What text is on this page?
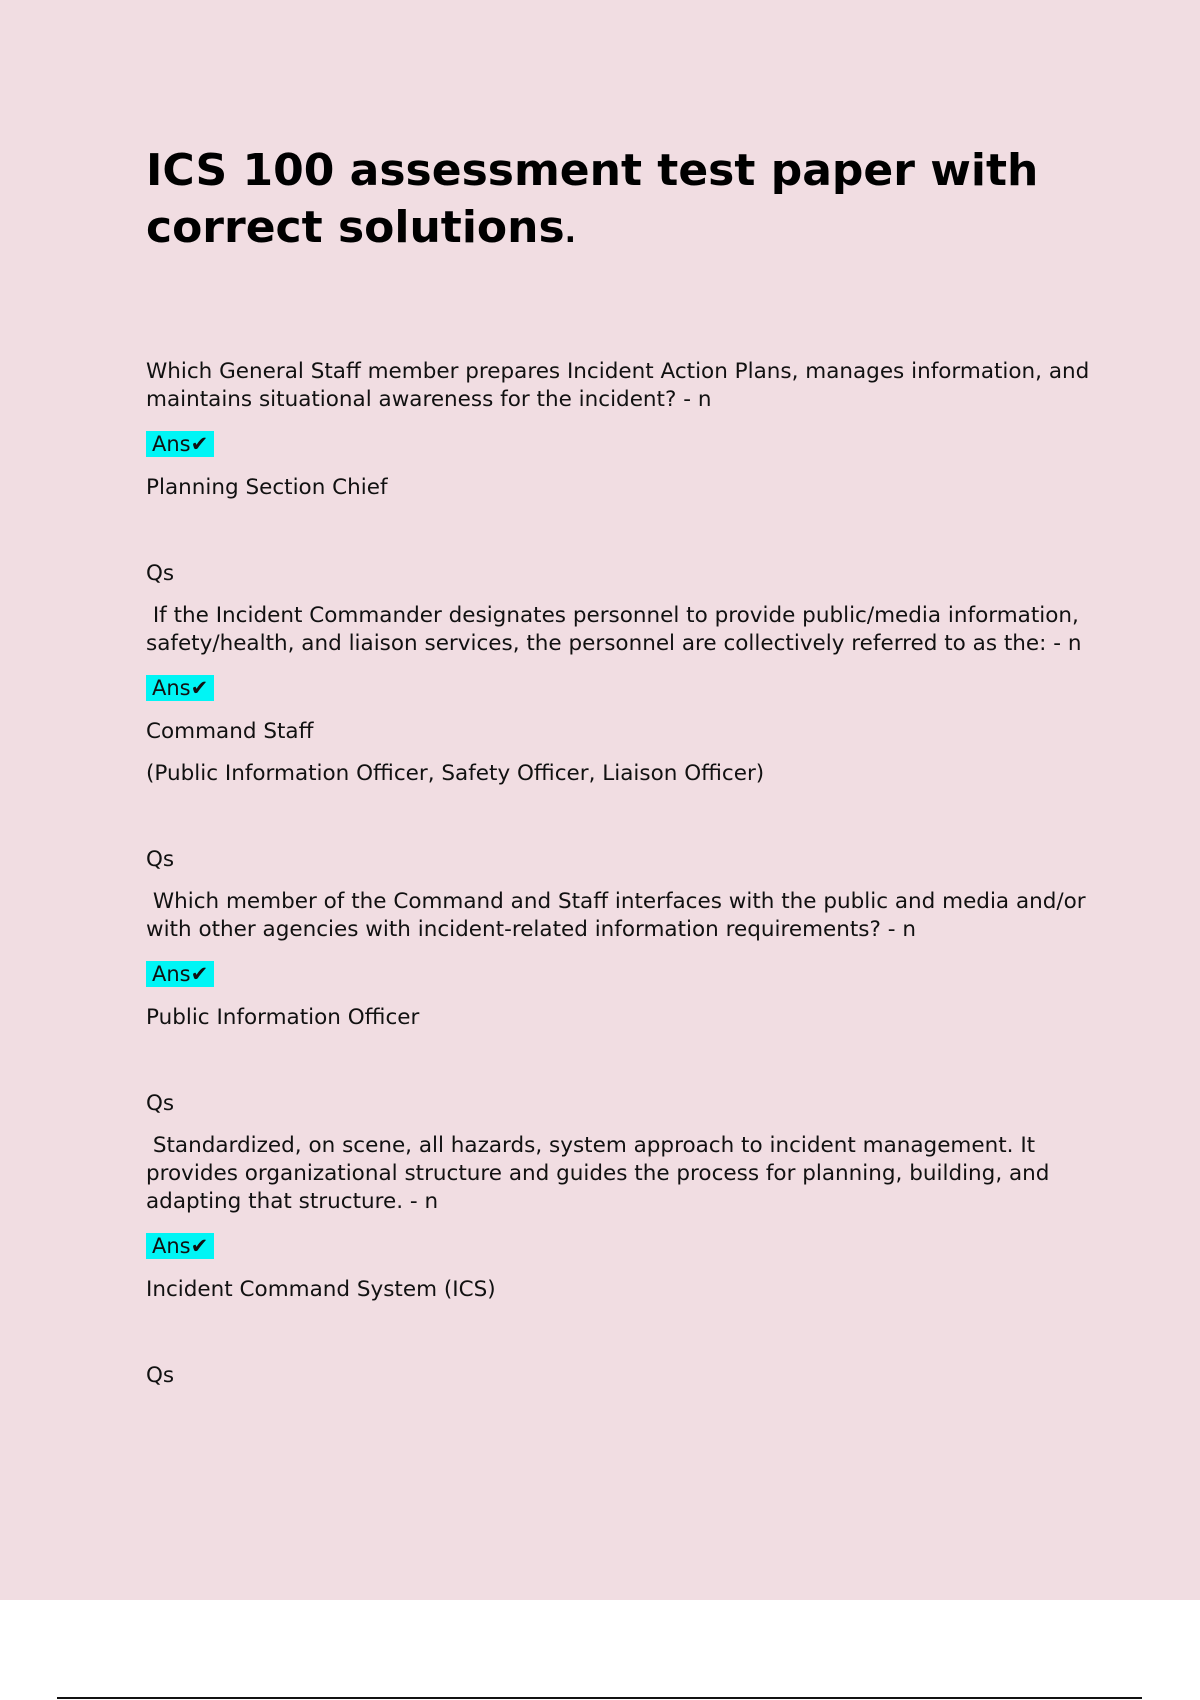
ICS 100 assessment test paper with correct solutions.

Which General Staff member prepares Incident Action Plans, manages information, and maintains situational awareness for the incident? - n

Ans✔
Planning Section Chief
Qs

If the Incident Commander designates personnel to provide public/media information, safety/health, and liaison services, the personnel are collectively referred to as the: - n

Ans✔
Command Staff
(Public Information Officer, Safety Officer, Liaison Officer)
Qs

Which member of the Command and Staff interfaces with the public and media and/or with other agencies with incident-related information requirements? - n

Ans✔
Public Information Officer
Qs

Standardized, on scene, all hazards, system approach to incident management. It provides organizational structure and guides the process for planning, building, and adapting that structure. - n

Ans✔
Incident Command System (ICS)
Qs
